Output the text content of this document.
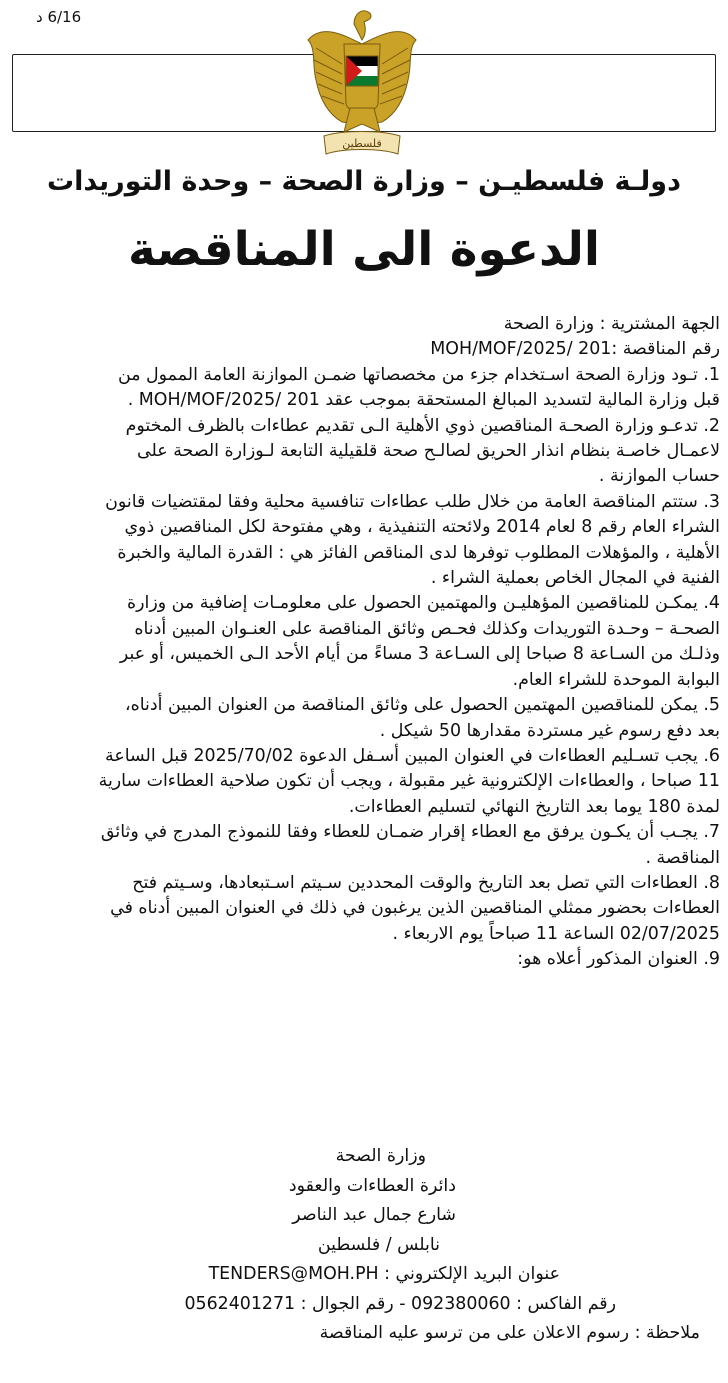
6/16 د
فلسطين
دولـة فلسطيـن – وزارة الصحة – وحدة التوريدات
الدعوة الى المناقصة
الجهة المشترية : وزارة الصحة
رقم المناقصة :201 /MOH/MOF/2025
1. تـود وزارة الصحة اسـتخدام جزء من مخصصاتها ضمـن الموازنة العامة الممول من
قبل وزارة المالية لتسديد المبالغ المستحقة بموجب عقد 201 /MOH/MOF/2025 .
2. تدعـو وزارة الصحـة المناقصين ذوي الأهلية الـى تقديم عطاءات بالظرف المختوم
لاعمـال خاصـة بنظام انذار الحريق لصالـح صحة قلقيلية التابعة لـوزارة الصحة على
حساب الموازنة .
3. ستتم المناقصة العامة من خلال طلب عطاءات تنافسية محلية وفقا لمقتضيات قانون
الشراء العام رقم 8 لعام 2014 ولائحته التنفيذية ، وهي مفتوحة لكل المناقصين ذوي
الأهلية ، والمؤهلات المطلوب توفرها لدى المناقص الفائز هي : القدرة المالية والخبرة
الفنية في المجال الخاص بعملية الشراء .
4. يمكـن للمناقصين المؤهليـن والمهتمين الحصول على معلومـات إضافية من وزارة
الصحـة – وحـدة التوريدات وكذلك فحـص وثائق المناقصة على العنـوان المبين أدناه
وذلـك من السـاعة 8 صباحا إلى السـاعة 3 مساءً من أيام الأحد الـى الخميس، أو عبر
البوابة الموحدة للشراء العام.
5. يمكن للمناقصين المهتمين الحصول على وثائق المناقصة من العنوان المبين أدناه،
بعد دفع رسوم غير مستردة مقدارها 50 شيكل .
6. يجب تسـليم العطاءات في العنوان المبين أسـفل الدعوة 2025/70/02 قبل الساعة
11 صباحا ، والعطاءات الإلكترونية غير مقبولة ، ويجب أن تكون صلاحية العطاءات سارية
لمدة 180 يوما بعد التاريخ النهائي لتسليم العطاءات.
7. يجـب أن يكـون يرفق مع العطاء إقرار ضمـان للعطاء وفقا للنموذج المدرج في وثائق
المناقصة .
8. العطاءات التي تصل بعد التاريخ والوقت المحددين سـيتم اسـتبعادها، وسـيتم فتح
العطاءات بحضور ممثلي المناقصين الذين يرغبون في ذلك في العنوان المبين أدناه في
02/07/2025 الساعة 11 صباحاً يوم الاربعاء .
9. العنوان المذكور أعلاه هو:
وزارة الصحة
دائرة العطاءات والعقود
شارع جمال عبد الناصر
نابلس / فلسطين
عنوان البريد الإلكتروني : TENDERS@MOH.PH
رقم الفاكس : 092380060 - رقم الجوال : 0562401271
ملاحظة : رسوم الاعلان على من ترسو عليه المناقصة
